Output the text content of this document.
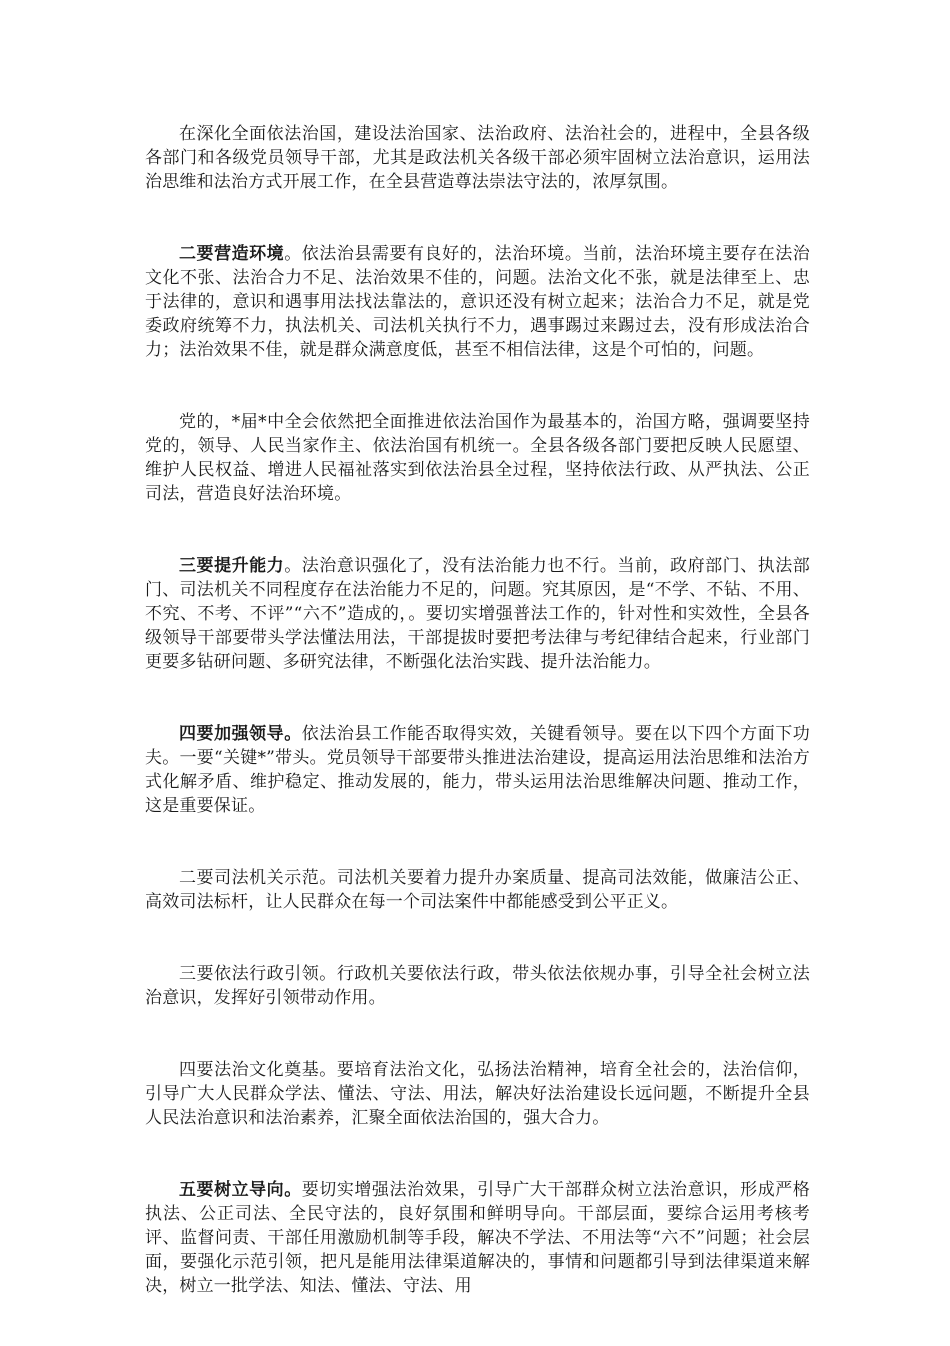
在深化全面依法治国，建设法治国家、法治政府、法治社会的，进程中，全县各级各部门和各级党员领导干部，尤其是政法机关各级干部必须牢固树立法治意识，运用法治思维和法治方式开展工作，在全县营造尊法崇法守法的，浓厚氛围。

二要营造环境。依法治县需要有良好的，法治环境。当前，法治环境主要存在法治文化不张、法治合力不足、法治效果不佳的，问题。法治文化不张，就是法律至上、忠于法律的，意识和遇事用法找法靠法的，意识还没有树立起来；法治合力不足，就是党委政府统筹不力，执法机关、司法机关执行不力，遇事踢过来踢过去，没有形成法治合力；法治效果不佳，就是群众满意度低，甚至不相信法律，这是个可怕的，问题。

党的，*届*中全会依然把全面推进依法治国作为最基本的，治国方略，强调要坚持党的，领导、人民当家作主、依法治国有机统一。全县各级各部门要把反映人民愿望、维护人民权益、增进人民福祉落实到依法治县全过程，坚持依法行政、从严执法、公正司法，营造良好法治环境。

三要提升能力。法治意识强化了，没有法治能力也不行。当前，政府部门、执法部门、司法机关不同程度存在法治能力不足的，问题。究其原因，是“不学、不钻、不用、不究、不考、不评”“六不”造成的，。要切实增强普法工作的，针对性和实效性，全县各级领导干部要带头学法懂法用法，干部提拔时要把考法律与考纪律结合起来，行业部门更要多钻研问题、多研究法律，不断强化法治实践、提升法治能力。

四要加强领导。依法治县工作能否取得实效，关键看领导。要在以下四个方面下功夫。一要“关键*”带头。党员领导干部要带头推进法治建设，提高运用法治思维和法治方式化解矛盾、维护稳定、推动发展的，能力，带头运用法治思维解决问题、推动工作，这是重要保证。

二要司法机关示范。司法机关要着力提升办案质量、提高司法效能，做廉洁公正、高效司法标杆，让人民群众在每一个司法案件中都能感受到公平正义。

三要依法行政引领。行政机关要依法行政，带头依法依规办事，引导全社会树立法治意识，发挥好引领带动作用。

四要法治文化奠基。要培育法治文化，弘扬法治精神，培育全社会的，法治信仰，引导广大人民群众学法、懂法、守法、用法，解决好法治建设长远问题，不断提升全县人民法治意识和法治素养，汇聚全面依法治国的，强大合力。

五要树立导向。要切实增强法治效果，引导广大干部群众树立法治意识，形成严格执法、公正司法、全民守法的，良好氛围和鲜明导向。干部层面，要综合运用考核考评、监督问责、干部任用激励机制等手段，解决不学法、不用法等“六不”问题；社会层面，要强化示范引领，把凡是能用法律渠道解决的，事情和问题都引导到法律渠道来解决，树立一批学法、知法、懂法、守法、用
